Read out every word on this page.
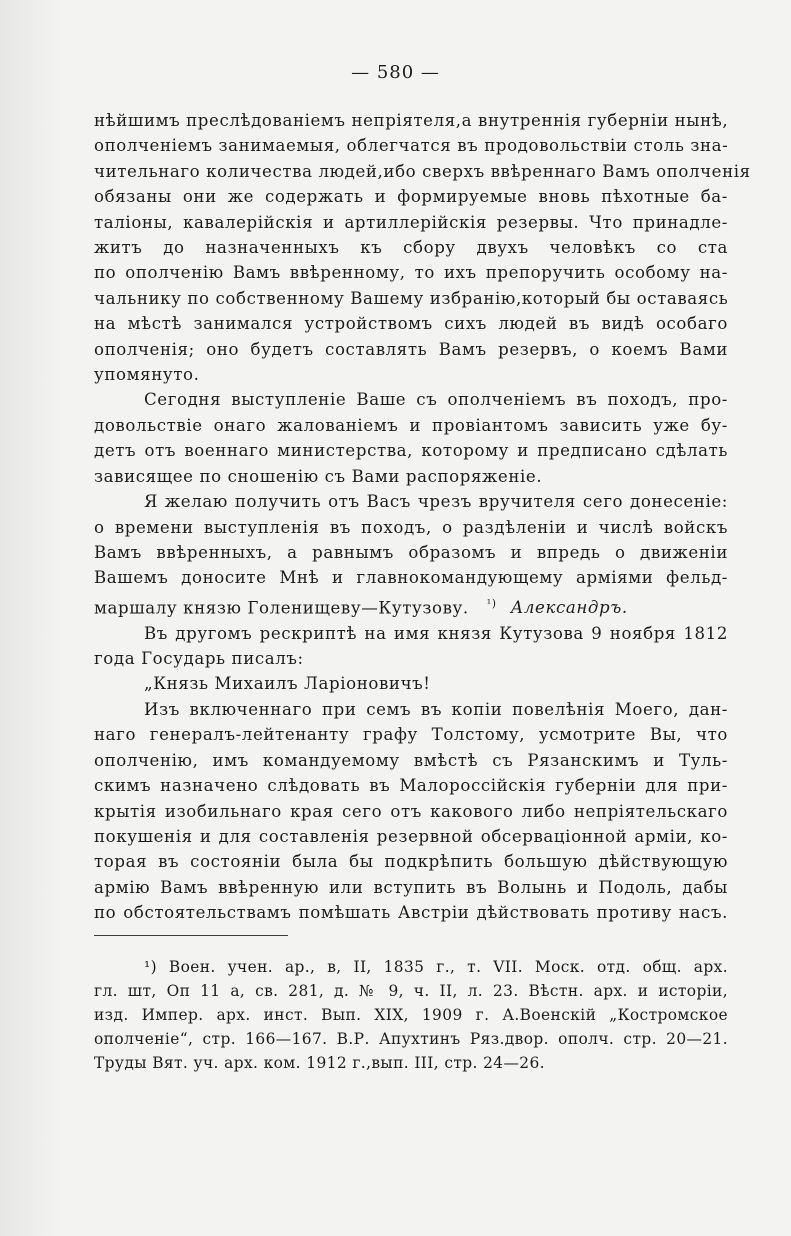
— 580 —
нѣйшимъ преслѣдованіемъ непріятеля,а внутреннія губерніи нынѣ,
ополченіемъ занимаемыя, облегчатся въ продовольствіи столь зна-
чительнаго количества людей,ибо сверхъ ввѣреннаго Вамъ ополченія
обязаны они же содержать и формируемые вновь пѣхотные ба-
таліоны, кавалерійскія и артиллерійскія резервы. Что принадле-
житъ до назначенныхъ къ сбору двухъ человѣкъ со ста
по ополченію Вамъ ввѣренному, то ихъ препоручить особому на-
чальнику по собственному Вашему избранію,который бы оставаясь
на мѣстѣ занимался устройствомъ сихъ людей въ видѣ особаго
ополченія; оно будетъ составлять Вамъ резервъ, о коемъ Вами
упомянуто.
Сегодня выступленіе Ваше съ ополченіемъ въ походъ, про-
довольствіе онаго жалованіемъ и провіантомъ зависить уже бу-
детъ отъ военнаго министерства, которому и предписано сдѣлать
зависящее по сношенію съ Вами распоряженіе.
Я желаю получить отъ Васъ чрезъ вручителя сего донесеніе:
о времени выступленія въ походъ, о раздѣленіи и числѣ войскъ
Вамъ ввѣренныхъ, а равнымъ образомъ и впредь о движеніи
Вашемъ доносите Мнѣ и главнокомандующему арміями фельд-
маршалу князю Голенищеву—Кутузову. $^{^1)}$ Александръ.
Въ другомъ рескриптѣ на имя князя Кутузова 9 ноября 1812
года Государь писалъ:
„Князь Михаилъ Ларіоновичъ!
Изъ включеннаго при семъ въ копіи повелѣнія Моего, дан-
наго генералъ-лейтенанту графу Толстому, усмотрите Вы, что
ополченію, имъ командуемому вмѣстѣ съ Рязанскимъ и Туль-
скимъ назначено слѣдовать въ Малороссійскія губерніи для при-
крытія изобильнаго края сего отъ какового либо непріятельскаго
покушенія и для составленія резервной обсерваціонной арміи, ко-
торая въ состояніи была бы подкрѣпить большую дѣйствующую
армію Вамъ ввѣренную или вступить въ Волынь и Подоль, дабы
по обстоятельствамъ помѣшать Австріи дѣйствовать противу насъ.
¹) Воен. учен. ар., в, II, 1835 г., т. VII. Моск. отд. общ. арх.
гл. шт, Оп 11 а, св. 281, д. № 9, ч. II, л. 23. Вѣстн. арх. и исторіи,
изд. Импер. арх. инст. Вып. XIX, 1909 г. А.Военскій „Костромское
ополченіе“, стр. 166—167. В.Р. Апухтинъ Ряз.двор. ополч. стр. 20—21.
Труды Вят. уч. арх. ком. 1912 г.,вып. III, стр. 24—26.
